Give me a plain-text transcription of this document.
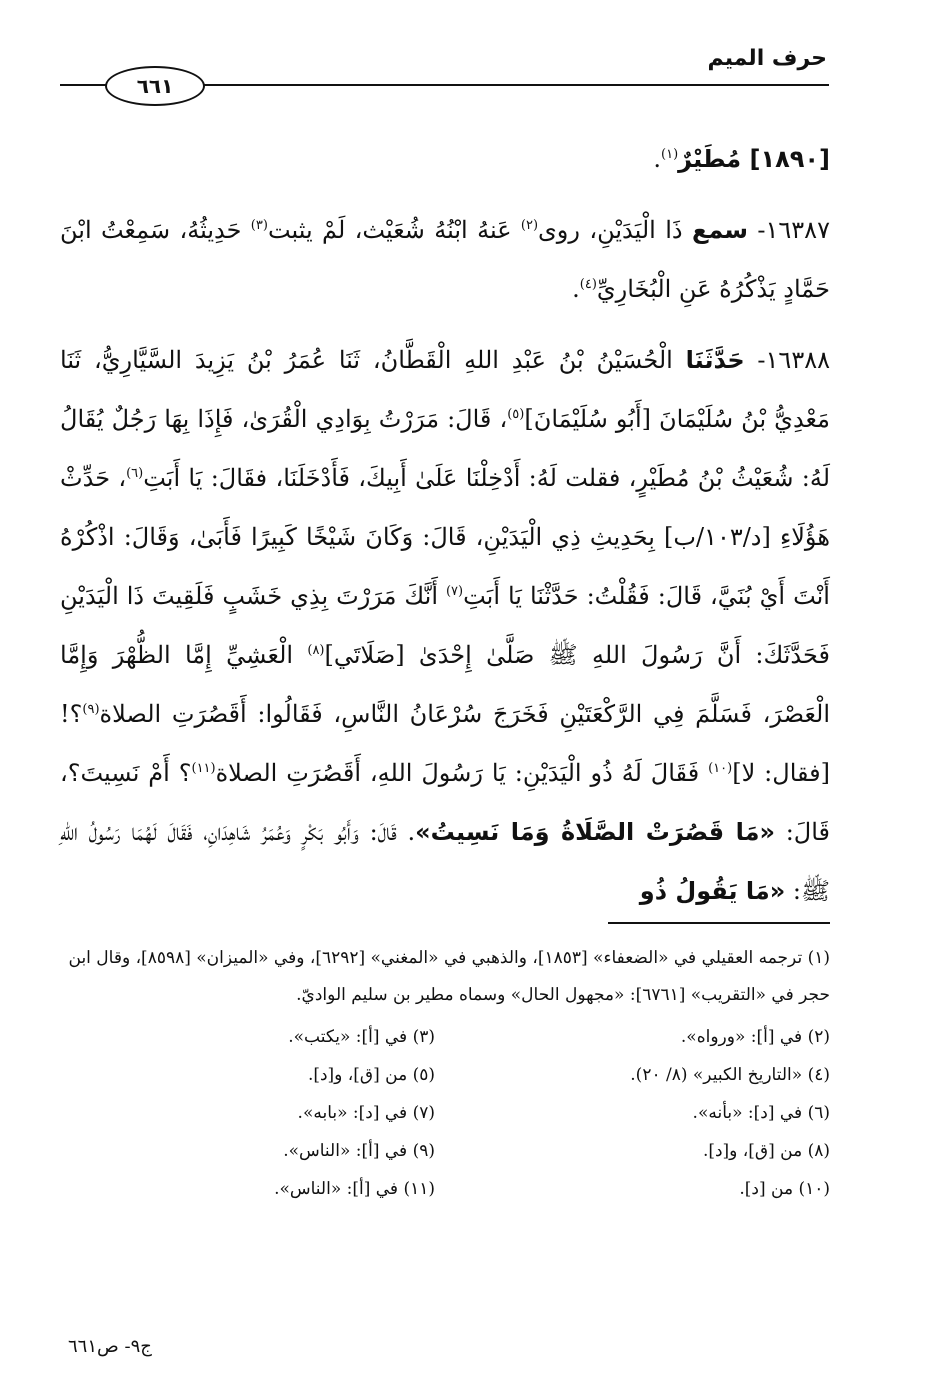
حرف الميم
٦٦١

[١٨٩٠] مُطَيْرٌ$^{(١)}$.

١٦٣٨٧- سمع ذَا الْيَدَيْنِ، روى$^{(٢)}$ عَنهُ ابْنُهُ شُعَيْث، لَمْ يثبت$^{(٣)}$ حَدِيثُهُ، سَمِعْتُ ابْنَ حَمَّادٍ يَذْكُرُهُ عَنِ الْبُخَارِيِّ$^{(٤)}$.

١٦٣٨٨- حَدَّثَنَا الْحُسَيْنُ بْنُ عَبْدِ اللهِ الْقَطَّانُ، ثَنَا عُمَرُ بْنُ يَزِيدَ السَّيَّارِيُّ، ثَنَا مَعْدِيُّ بْنُ سُلَيْمَانَ [أَبُو سُلَيْمَانَ]$^{(٥)}$، قَالَ: مَرَرْتُ بِوَادِي الْقُرَىٰ، فَإِذَا بِهَا رَجُلٌ يُقَالُ لَهُ: شُعَيْثُ بْنُ مُطَيْرٍ، فقلت لَهُ: أَدْخِلْنَا عَلَىٰ أَبِيكَ، فَأَدْخَلَنَا، فقَالَ: يَا أَبَتِ$^{(٦)}$، حَدِّثْ هَؤُلَاءِ [د/١٠٣/ب] بِحَدِيثِ ذِي الْيَدَيْنِ، قَالَ: وَكَانَ شَيْخًا كَبِيرًا فَأَبَىٰ، وَقَالَ: اذْكُرْهُ أَنْتَ أَيْ بُنَيَّ، قَالَ: فَقُلْتُ: حَدَّثْنَا يَا أَبَتِ$^{(٧)}$ أَنَّكَ مَرَرْتَ بِذِي خَشَبٍ فَلَقِيتَ ذَا الْيَدَيْنِ فَحَدَّثَكَ: أَنَّ رَسُولَ اللهِ ﷺ صَلَّىٰ إِحْدَىٰ [صَلَاتَي]$^{(٨)}$ الْعَشِيِّ إِمَّا الظُّهْرَ وَإِمَّا الْعَصْرَ، فَسَلَّمَ فِي الرَّكْعَتَيْنِ فَخَرَجَ سُرْعَانُ النَّاسِ، فَقَالُوا: أَقَصُرَتِ الصلاة$^{(٩)}$؟! [فقال: لا]$^{(١٠)}$ فَقَالَ لَهُ ذُو الْيَدَيْنِ: يَا رَسُولَ اللهِ، أَقَصُرَتِ الصلاة$^{(١١)}$؟ أَمْ نَسِيتَ؟، قَالَ: «مَا قَصُرَتْ الصَّلَاةُ وَمَا نَسِيتُ». قَالَ: وَأَبُو بَكْرٍ وَعُمَرُ شَاهِدَانِ، فَقَالَ لَهُمَا رَسُولُ اللهِ ﷺ: «مَا يَقُولُ ذُو

(١) ترجمه العقيلي في «الضعفاء» [١٨٥٣]، والذهبي في «المغني» [٦٢٩٢]، وفي «الميزان» [٨٥٩٨]، وقال ابن حجر في «التقريب» [٦٧٦١]: «مجهول الحال» وسماه مطير بن سليم الواديّ.

(٢) في [أ]: «ورواه».
(٣) في [أ]: «يكتب».
(٤) «التاريخ الكبير» (٨/ ٢٠).
(٥) من [ق]، و[د].
(٦) في [د]: «بأنه».
(٧) في [د]: «بابه».
(٨) من [ق]، و[د].
(٩) في [أ]: «الناس».
(١٠) من [د].
(١١) في [أ]: «الناس».
ج٩- ص٦٦١
